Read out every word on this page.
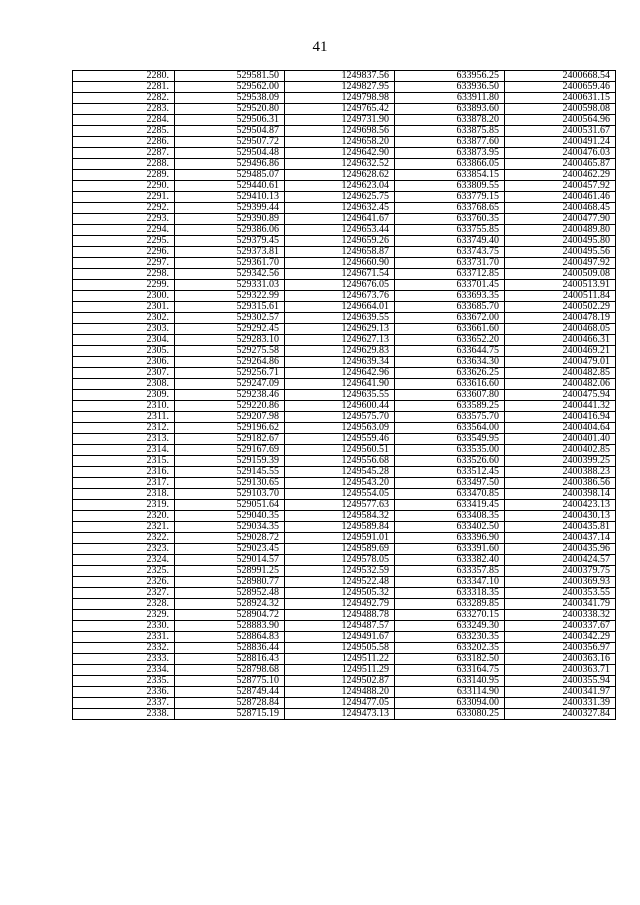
41
2280.	529581.50	1249837.56	633956.25	2400668.54
2281.	529562.00	1249827.95	633936.50	2400659.46
2282.	529538.09	1249798.98	633911.80	2400631.15
2283.	529520.80	1249765.42	633893.60	2400598.08
2284.	529506.31	1249731.90	633878.20	2400564.96
2285.	529504.87	1249698.56	633875.85	2400531.67
2286.	529507.72	1249658.20	633877.60	2400491.24
2287.	529504.48	1249642.90	633873.95	2400476.03
2288.	529496.86	1249632.52	633866.05	2400465.87
2289.	529485.07	1249628.62	633854.15	2400462.29
2290.	529440.61	1249623.04	633809.55	2400457.92
2291.	529410.13	1249625.75	633779.15	2400461.46
2292.	529399.44	1249632.45	633768.65	2400468.45
2293.	529390.89	1249641.67	633760.35	2400477.90
2294.	529386.06	1249653.44	633755.85	2400489.80
2295.	529379.45	1249659.26	633749.40	2400495.80
2296.	529373.81	1249658.87	633743.75	2400495.56
2297.	529361.70	1249660.90	633731.70	2400497.92
2298.	529342.56	1249671.54	633712.85	2400509.08
2299.	529331.03	1249676.05	633701.45	2400513.91
2300.	529322.99	1249673.76	633693.35	2400511.84
2301.	529315.61	1249664.01	633685.70	2400502.29
2302.	529302.57	1249639.55	633672.00	2400478.19
2303.	529292.45	1249629.13	633661.60	2400468.05
2304.	529283.10	1249627.13	633652.20	2400466.31
2305.	529275.58	1249629.83	633644.75	2400469.21
2306.	529264.86	1249639.34	633634.30	2400479.01
2307.	529256.71	1249642.96	633626.25	2400482.85
2308.	529247.09	1249641.90	633616.60	2400482.06
2309.	529238.46	1249635.55	633607.80	2400475.94
2310.	529220.86	1249600.44	633589.25	2400441.32
2311.	529207.98	1249575.70	633575.70	2400416.94
2312.	529196.62	1249563.09	633564.00	2400404.64
2313.	529182.67	1249559.46	633549.95	2400401.40
2314.	529167.69	1249560.51	633535.00	2400402.85
2315.	529159.39	1249556.68	633526.60	2400399.25
2316.	529145.55	1249545.28	633512.45	2400388.23
2317.	529130.65	1249543.20	633497.50	2400386.56
2318.	529103.70	1249554.05	633470.85	2400398.14
2319.	529051.64	1249577.63	633419.45	2400423.13
2320.	529040.35	1249584.32	633408.35	2400430.13
2321.	529034.35	1249589.84	633402.50	2400435.81
2322.	529028.72	1249591.01	633396.90	2400437.14
2323.	529023.45	1249589.69	633391.60	2400435.96
2324.	529014.57	1249578.05	633382.40	2400424.57
2325.	528991.25	1249532.59	633357.85	2400379.75
2326.	528980.77	1249522.48	633347.10	2400369.93
2327.	528952.48	1249505.32	633318.35	2400353.55
2328.	528924.32	1249492.79	633289.85	2400341.79
2329.	528904.72	1249488.78	633270.15	2400338.32
2330.	528883.90	1249487.57	633249.30	2400337.67
2331.	528864.83	1249491.67	633230.35	2400342.29
2332.	528836.44	1249505.58	633202.35	2400356.97
2333.	528816.43	1249511.22	633182.50	2400363.16
2334.	528798.68	1249511.29	633164.75	2400363.71
2335.	528775.10	1249502.87	633140.95	2400355.94
2336.	528749.44	1249488.20	633114.90	2400341.97
2337.	528728.84	1249477.05	633094.00	2400331.39
2338.	528715.19	1249473.13	633080.25	2400327.84
